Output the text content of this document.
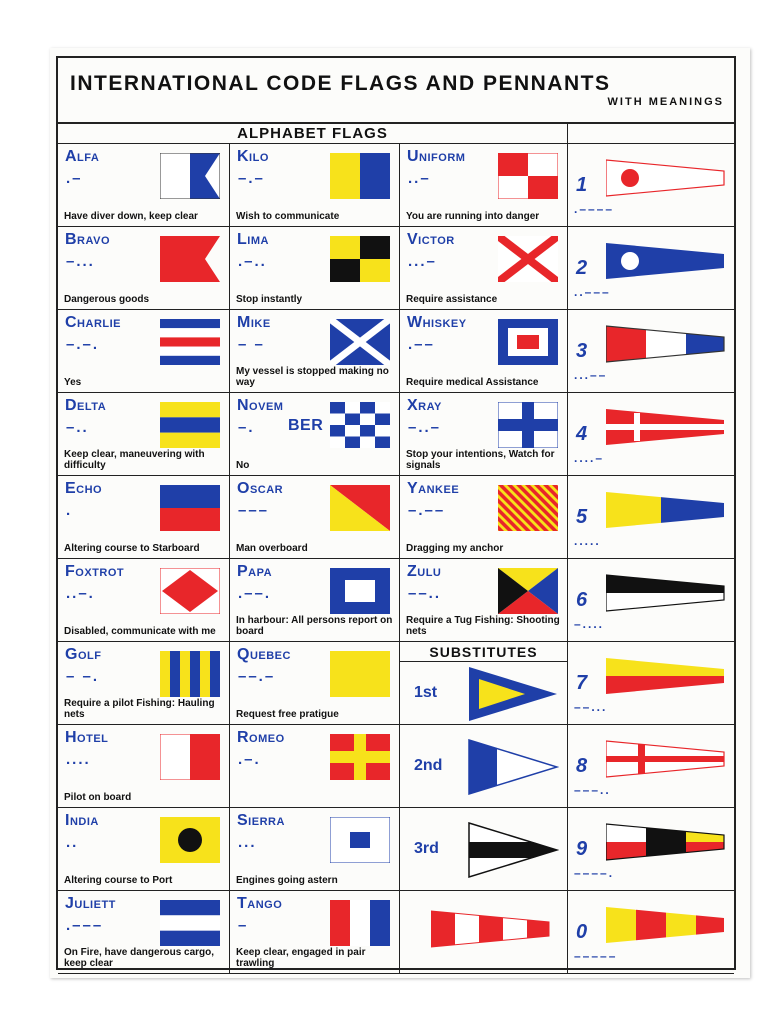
INTERNATIONAL CODE FLAGS AND PENNANTS
WITH MEANINGS
ALPHABET FLAGS
Alfa
.–
Have diver down, keep clear
Bravo
–...
Dangerous goods
Charlie
–.–.
Yes
Delta
–..
Keep clear, maneuvering with difficulty
Echo
.
Altering course to Starboard
Foxtrot
..–.
Disabled, communicate with me
Golf
– –.
Require a pilot Fishing: Hauling nets
Hotel
....
Pilot on board
India
..
Altering course to Port
Juliett
.–––
On Fire, have dangerous cargo, keep clear
Kilo
–.–
Wish to communicate
Lima
.–..
Stop instantly
Mike
– –
My vessel is stopped making no way
Novem
BER
–.
No
Oscar
–––
Man overboard
Papa
.––.
In harbour: All persons report on board
Quebec
––.–
Request free pratigue
Romeo
.–.
Sierra
...
Engines going astern
Tango
–
Keep clear, engaged in pair trawling
Uniform
..–
You are running into danger
Victor
...–
Require assistance
Whiskey
.––
Require medical Assistance
Xray
–..–
Stop your intentions, Watch for signals
Yankee
–.––
Dragging my anchor
Zulu
––..
Require a Tug Fishing: Shooting nets
SUBSTITUTES
1st
2nd
3rd
1
.––––
2
..–––
3
...––
4
....–
5
.....
6
–....
7
––...
8
–––..
9
––––.
0
–––––
